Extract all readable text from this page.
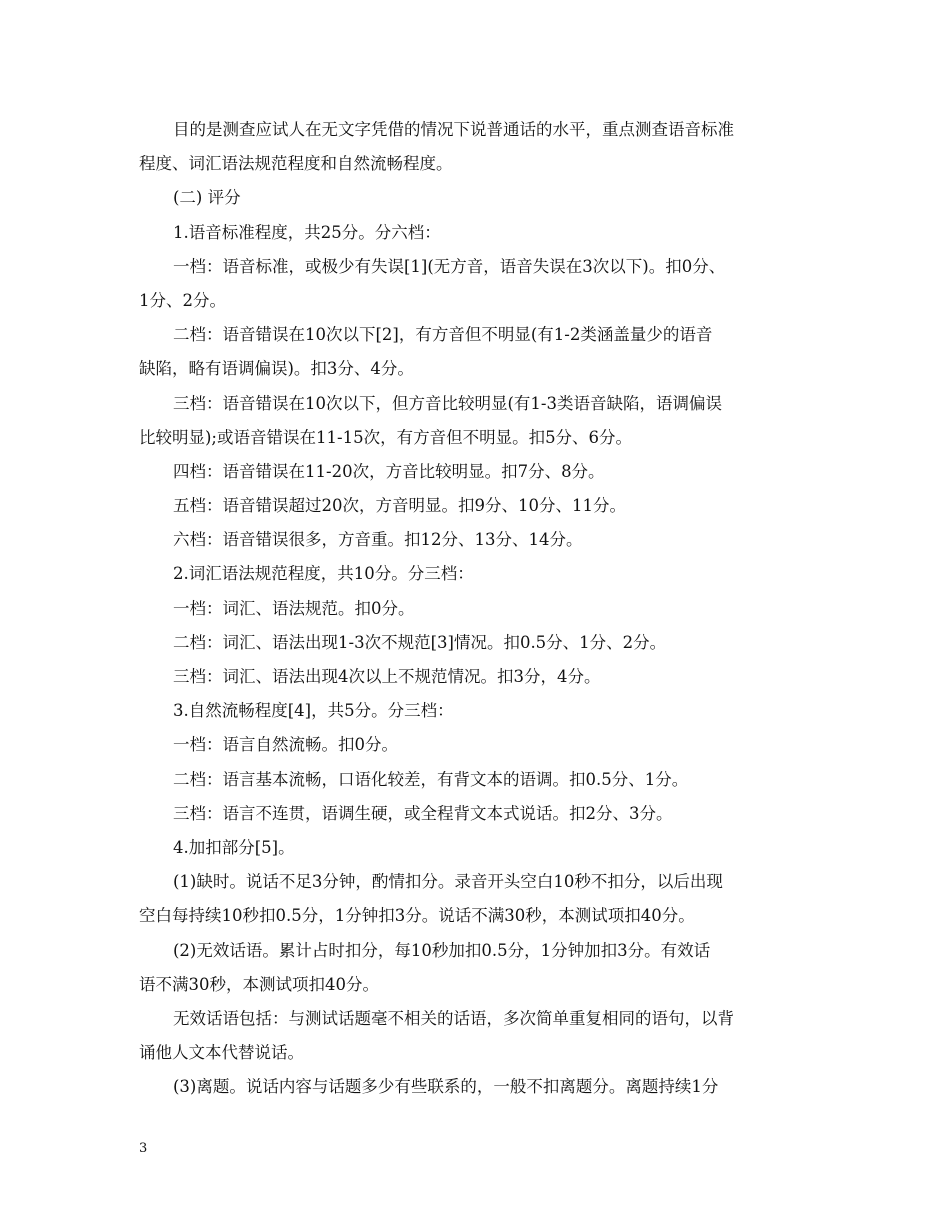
目的是测查应试人在无文字凭借的情况下说普通话的水平，重点测查语音标准
程度、词汇语法规范程度和自然流畅程度。
(二) 评分
1.语音标准程度，共25分。分六档：
一档：语音标准，或极少有失误[1](无方音，语音失误在3次以下)。扣0分、
1分、2分。
二档：语音错误在10次以下[2]，有方音但不明显(有1-2类涵盖量少的语音
缺陷，略有语调偏误)。扣3分、4分。
三档：语音错误在10次以下，但方音比较明显(有1-3类语音缺陷，语调偏误
比较明显);或语音错误在11-15次，有方音但不明显。扣5分、6分。
四档：语音错误在11-20次，方音比较明显。扣7分、8分。
五档：语音错误超过20次，方音明显。扣9分、10分、11分。
六档：语音错误很多，方音重。扣12分、13分、14分。
2.词汇语法规范程度，共10分。分三档：
一档：词汇、语法规范。扣0分。
二档：词汇、语法出现1-3次不规范[3]情况。扣0.5分、1分、2分。
三档：词汇、语法出现4次以上不规范情况。扣3分，4分。
3.自然流畅程度[4]，共5分。分三档：
一档：语言自然流畅。扣0分。
二档：语言基本流畅，口语化较差，有背文本的语调。扣0.5分、1分。
三档：语言不连贯，语调生硬，或全程背文本式说话。扣2分、3分。
4.加扣部分[5]。
(1)缺时。说话不足3分钟，酌情扣分。录音开头空白10秒不扣分，以后出现
空白每持续10秒扣0.5分，1分钟扣3分。说话不满30秒，本测试项扣40分。
(2)无效话语。累计占时扣分，每10秒加扣0.5分，1分钟加扣3分。有效话
语不满30秒，本测试项扣40分。
无效话语包括：与测试话题毫不相关的话语，多次简单重复相同的语句，以背
诵他人文本代替说话。
(3)离题。说话内容与话题多少有些联系的，一般不扣离题分。离题持续1分
3
